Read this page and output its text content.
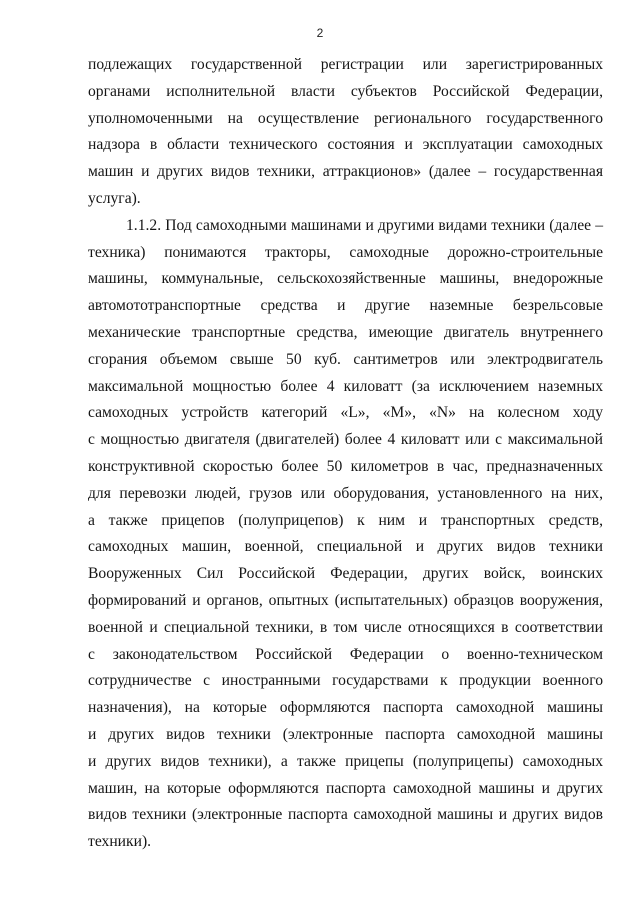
2
подлежащих государственной регистрации или зарегистрированных
органами исполнительной власти субъектов Российской Федерации,
уполномоченными на осуществление регионального государственного
надзора в области технического состояния и эксплуатации самоходных
машин и других видов техники, аттракционов» (далее – государственная
услуга).
1.1.2. Под самоходными машинами и другими видами техники (далее –
техника) понимаются тракторы, самоходные дорожно-строительные
машины, коммунальные, сельскохозяйственные машины, внедорожные
автомототранспортные средства и другие наземные безрельсовые
механические транспортные средства, имеющие двигатель внутреннего
сгорания объемом свыше 50 куб. сантиметров или электродвигатель
максимальной мощностью более 4 киловатт (за исключением наземных
самоходных устройств категорий «L», «M», «N» на колесном ходу
с мощностью двигателя (двигателей) более 4 киловатт или с максимальной
конструктивной скоростью более 50 километров в час, предназначенных
для перевозки людей, грузов или оборудования, установленного на них,
а также прицепов (полуприцепов) к ним и транспортных средств,
самоходных машин, военной, специальной и других видов техники
Вооруженных Сил Российской Федерации, других войск, воинских
формирований и органов, опытных (испытательных) образцов вооружения,
военной и специальной техники, в том числе относящихся в соответствии
с законодательством Российской Федерации о военно-техническом
сотрудничестве с иностранными государствами к продукции военного
назначения), на которые оформляются паспорта самоходной машины
и других видов техники (электронные паспорта самоходной машины
и других видов техники), а также прицепы (полуприцепы) самоходных
машин, на которые оформляются паспорта самоходной машины и других
видов техники (электронные паспорта самоходной машины и других видов
техники).
